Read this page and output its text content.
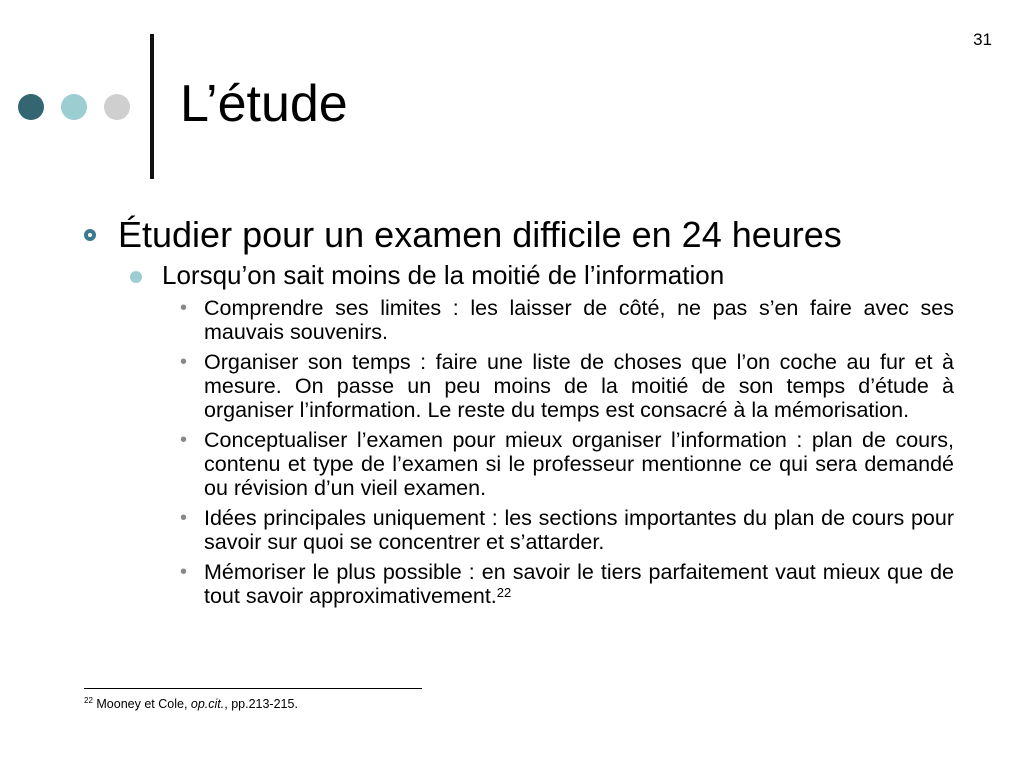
31
L’étude
Étudier pour un examen difficile en 24 heures
Lorsqu’on sait moins de la moitié de l’information
• Comprendre ses limites : les laisser de côté, ne pas s’en faire avec ses mauvais souvenirs.
• Organiser son temps : faire une liste de choses que l’on coche au fur et à mesure. On passe un peu moins de la moitié de son temps d’étude à organiser l’information. Le reste du temps est consacré à la mémorisation.
• Conceptualiser l’examen pour mieux organiser l’information : plan de cours, contenu et type de l’examen si le professeur mentionne ce qui sera demandé ou révision d’un vieil examen.
• Idées principales uniquement : les sections importantes du plan de cours pour savoir sur quoi se concentrer et s’attarder.
• Mémoriser le plus possible : en savoir le tiers parfaitement vaut mieux que de tout savoir approximativement.$^{22}$
$^{22}$ Mooney et Cole, op.cit., pp.213-215.
